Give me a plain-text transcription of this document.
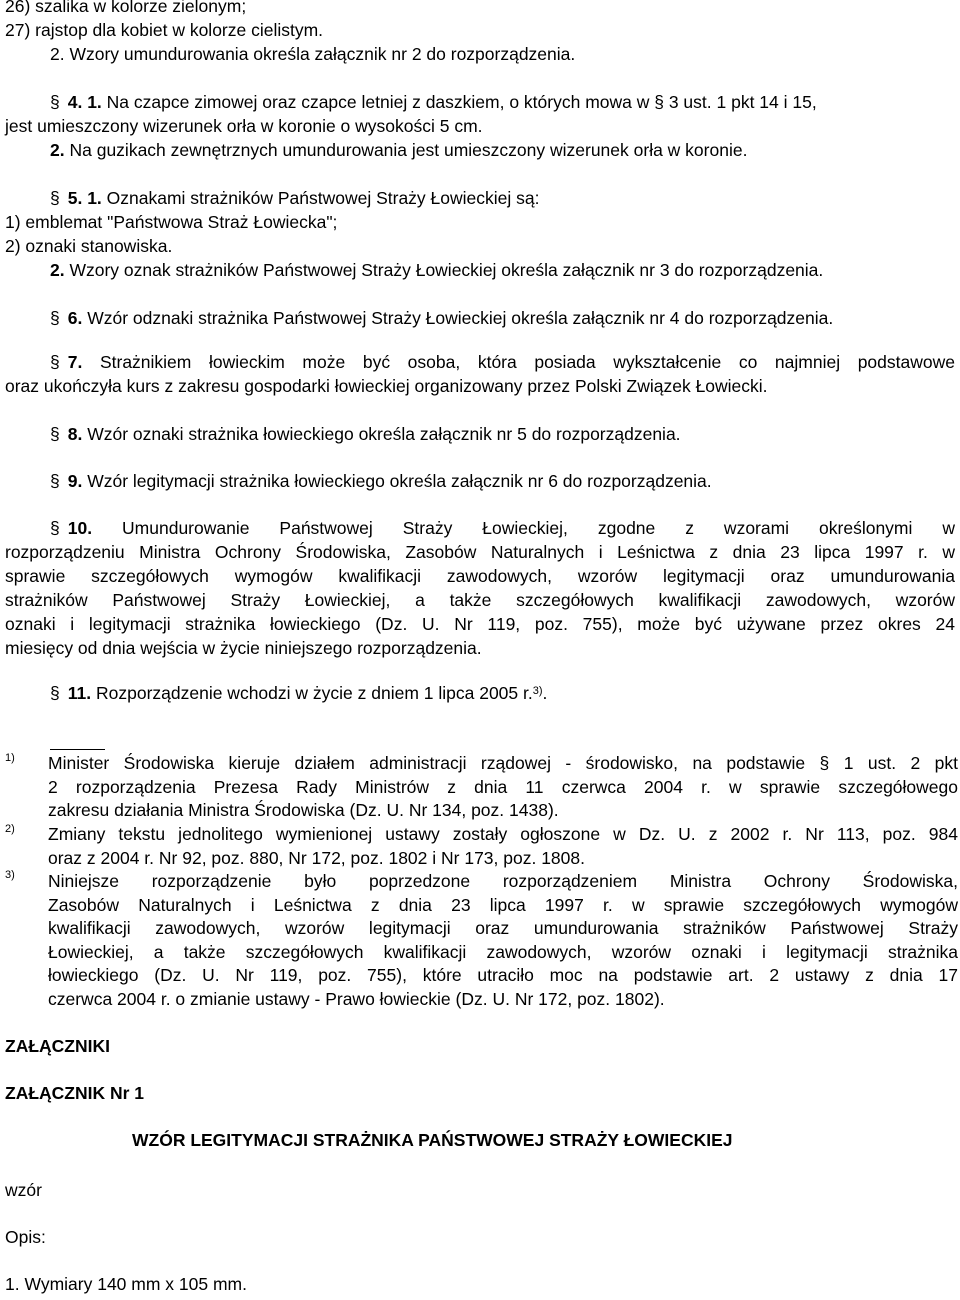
26) szalika w kolorze zielonym;
27) rajstop dla kobiet w kolorze cielistym.
2. Wzory umundurowania określa załącznik nr 2 do rozporządzenia.
§ 4. 1. Na czapce zimowej oraz czapce letniej z daszkiem, o których mowa w § 3 ust. 1 pkt 14 i 15,
jest umieszczony wizerunek orła w koronie o wysokości 5 cm.
2. Na guzikach zewnętrznych umundurowania jest umieszczony wizerunek orła w koronie.
§ 5. 1. Oznakami strażników Państwowej Straży Łowieckiej są:
1) emblemat "Państwowa Straż Łowiecka";
2) oznaki stanowiska.
2. Wzory oznak strażników Państwowej Straży Łowieckiej określa załącznik nr 3 do rozporządzenia.
§ 6. Wzór odznaki strażnika Państwowej Straży Łowieckiej określa załącznik nr 4 do rozporządzenia.
§ 7. Strażnikiem łowieckim może być osoba, która posiada wykształcenie co najmniej podstawowe
oraz ukończyła kurs z zakresu gospodarki łowieckiej organizowany przez Polski Związek Łowiecki.
§ 8. Wzór oznaki strażnika łowieckiego określa załącznik nr 5 do rozporządzenia.
§ 9. Wzór legitymacji strażnika łowieckiego określa załącznik nr 6 do rozporządzenia.
§ 10. Umundurowanie Państwowej Straży Łowieckiej, zgodne z wzorami określonymi w
rozporządzeniu Ministra Ochrony Środowiska, Zasobów Naturalnych i Leśnictwa z dnia 23 lipca 1997 r. w
sprawie szczegółowych wymogów kwalifikacji zawodowych, wzorów legitymacji oraz umundurowania
strażników Państwowej Straży Łowieckiej, a także szczegółowych kwalifikacji zawodowych, wzorów
oznaki i legitymacji strażnika łowieckiego (Dz. U. Nr 119, poz. 755), może być używane przez okres 24
miesięcy od dnia wejścia w życie niniejszego rozporządzenia.
§ 11. Rozporządzenie wchodzi w życie z dniem 1 lipca 2005 r.$^{3)}$.
1) Minister Środowiska kieruje działem administracji rządowej - środowisko, na podstawie § 1 ust. 2 pkt
2 rozporządzenia Prezesa Rady Ministrów z dnia 11 czerwca 2004 r. w sprawie szczegółowego
zakresu działania Ministra Środowiska (Dz. U. Nr 134, poz. 1438).
2) Zmiany tekstu jednolitego wymienionej ustawy zostały ogłoszone w Dz. U. z 2002 r. Nr 113, poz. 984
oraz z 2004 r. Nr 92, poz. 880, Nr 172, poz. 1802 i Nr 173, poz. 1808.
3) Niniejsze rozporządzenie było poprzedzone rozporządzeniem Ministra Ochrony Środowiska,
Zasobów Naturalnych i Leśnictwa z dnia 23 lipca 1997 r. w sprawie szczegółowych wymogów
kwalifikacji zawodowych, wzorów legitymacji oraz umundurowania strażników Państwowej Straży
Łowieckiej, a także szczegółowych kwalifikacji zawodowych, wzorów oznaki i legitymacji strażnika
łowieckiego (Dz. U. Nr 119, poz. 755), które utraciło moc na podstawie art. 2 ustawy z dnia 17
czerwca 2004 r. o zmianie ustawy - Prawo łowieckie (Dz. U. Nr 172, poz. 1802).
ZAŁĄCZNIKI
ZAŁĄCZNIK Nr 1
WZÓR LEGITYMACJI STRAŻNIKA PAŃSTWOWEJ STRAŻY ŁOWIECKIEJ
wzór
Opis:
1. Wymiary 140 mm x 105 mm.
